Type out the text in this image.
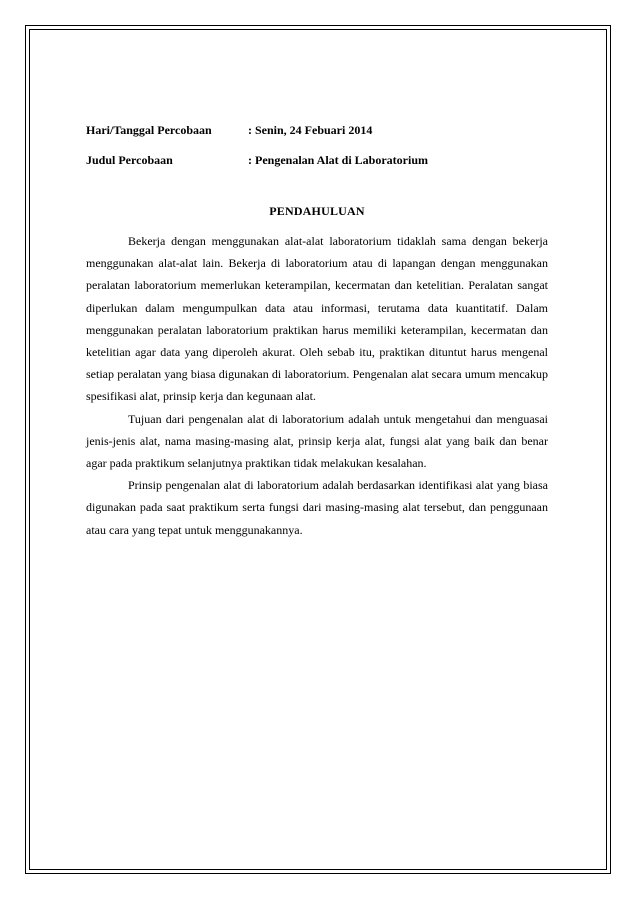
Hari/Tanggal Percobaan	: Senin, 24 Febuari 2014
Judul Percobaan	: Pengenalan Alat di Laboratorium
PENDAHULUAN

Bekerja dengan menggunakan alat-alat laboratorium tidaklah sama dengan bekerja menggunakan alat-alat lain. Bekerja di laboratorium atau di lapangan dengan menggunakan peralatan laboratorium memerlukan keterampilan, kecermatan dan ketelitian. Peralatan sangat diperlukan dalam mengumpulkan data atau informasi, terutama data kuantitatif. Dalam menggunakan peralatan laboratorium praktikan harus memiliki keterampilan, kecermatan dan ketelitian agar data yang diperoleh akurat. Oleh sebab itu, praktikan dituntut harus mengenal setiap peralatan yang biasa digunakan di laboratorium. Pengenalan alat secara umum mencakup spesifikasi alat, prinsip kerja dan kegunaan alat.

Tujuan dari pengenalan alat di laboratorium adalah untuk mengetahui dan menguasai jenis-jenis alat, nama masing-masing alat, prinsip kerja alat, fungsi alat yang baik dan benar agar pada praktikum selanjutnya praktikan tidak melakukan kesalahan.

Prinsip pengenalan alat di laboratorium adalah berdasarkan identifikasi alat yang biasa digunakan pada saat praktikum serta fungsi dari masing-masing alat tersebut, dan penggunaan atau cara yang tepat untuk menggunakannya.
